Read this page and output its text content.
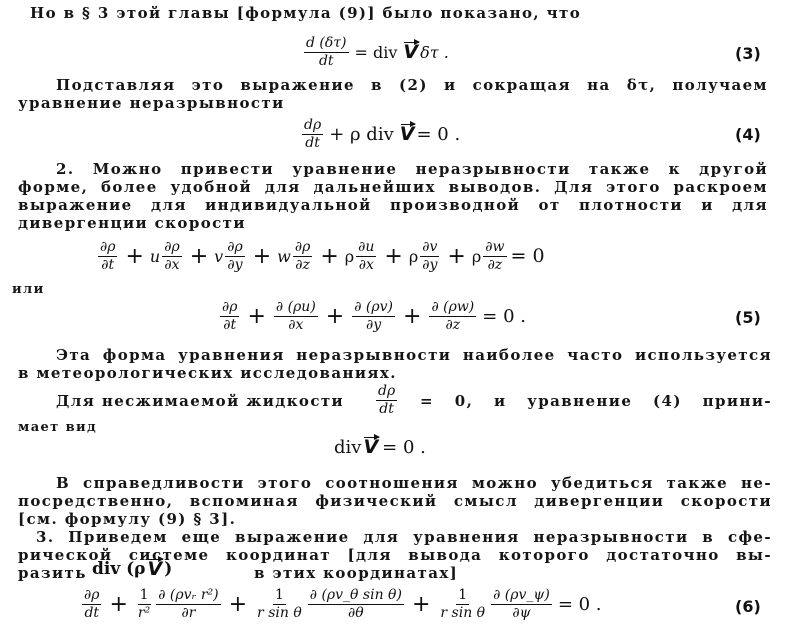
Но в § 3 этой главы [формула (9)] было показано, что
$\frac{d (\delta\tau)}{dt}$ = div V δτ .	(3)
Подставляя это выражение в (2) и сокращая на δτ, получаем
уравнение неразрывности
$\frac{d\rho}{dt} + \rho$ div V = 0 .	(4)
2. Можно привести уравнение неразрывности также к другой
форме, более удобной для дальнейших выводов. Для этого раскроем
выражение для индивидуальной производной от плотности и для
дивергенции скорости
$\frac{\partial\rho}{\partial t} + u \frac{\partial\rho}{\partial x} + v \frac{\partial\rho}{\partial y} + w \frac{\partial\rho}{\partial z} + \rho \frac{\partial u}{\partial x} + \rho \frac{\partial v}{\partial y} + \rho \frac{\partial w}{\partial z} = 0$
или
$\frac{\partial\rho}{\partial t} + \frac{\partial (\rho u)}{\partial x} + \frac{\partial (\rho v)}{\partial y} + \frac{\partial (\rho w)}{\partial z} = 0$ .	(5)
Эта форма уравнения неразрывности наиболее часто используется
в метеорологических исследованиях.
Для несжимаемой жидкости $\frac{d\rho}{dt} = 0$, и уравнение (4) прини-
мает вид
div V = 0 .
В справедливости этого соотношения можно убедиться также не-
посредственно, вспоминая физический смысл дивергенции скорости
[см. формулу (9) § 3].
3. Приведем еще выражение для уравнения неразрывности в сфе-
рической системе координат [для вывода которого достаточно вы-
разить div (ρ V )	в этих координатах]
$\frac{\partial\rho}{dt} + \frac{1}{\text{r²}} \frac{\text{∂ (ρvᵣ r²)}}{\partial r} + \frac{1}{\text{r sin θ}} \frac{\text{∂ (ρv\_θ sin θ)}}{\partial\theta} + \frac{1}{\text{r sin θ}} \frac{\partial (\rho v\_\psi)}{\partial\psi} = 0$ .	(6)
